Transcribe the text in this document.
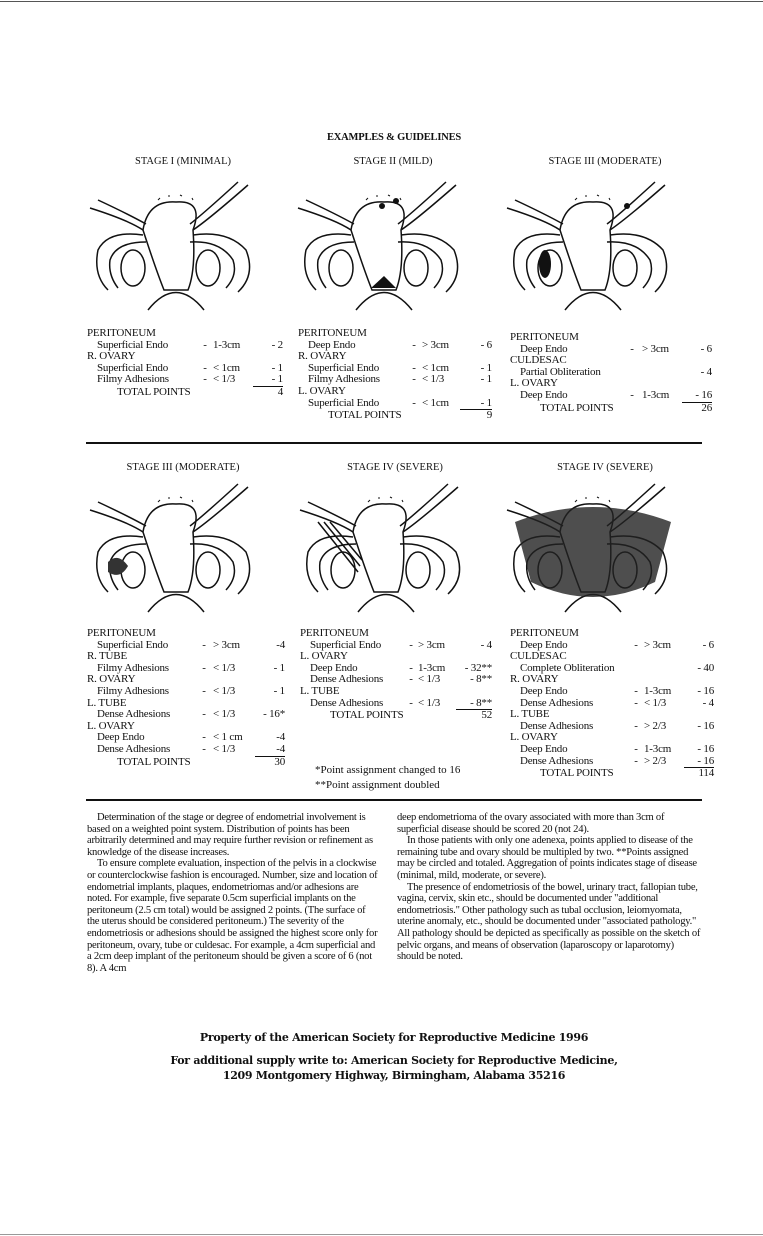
EXAMPLES & GUIDELINES
STAGE I (MINIMAL)	STAGE II (MILD)	STAGE III (MODERATE)
STAGE III (MODERATE)	STAGE IV (SEVERE)	STAGE IV (SEVERE)
PERITONEUM
Superficial Endo	- 1-3cm	- 2
R. OVARY
Superficial Endo	- < 1cm	- 1
Filmy Adhesions	- < 1/3	- 1
TOTAL POINTS	4
PERITONEUM
Deep Endo	- > 3cm	- 6
R. OVARY
Superficial Endo	- < 1cm	- 1
Filmy Adhesions	- < 1/3	- 1
L. OVARY
Superficial Endo	- < 1cm	- 1
TOTAL POINTS	9
PERITONEUM
Deep Endo	- > 3cm	- 6
CULDESAC
Partial Obliteration	- 4
L. OVARY
Deep Endo	- 1-3cm	- 16
TOTAL POINTS	26
PERITONEUM
Superficial Endo	- > 3cm	-4
R. TUBE
Filmy Adhesions	- < 1/3	- 1
R. OVARY
Filmy Adhesions	- < 1/3	- 1
L. TUBE
Dense Adhesions	- < 1/3	- 16*
L. OVARY
Deep Endo	- < 1 cm	-4
Dense Adhesions	- < 1/3	-4
TOTAL POINTS	30
PERITONEUM
Superficial Endo	- > 3cm	- 4
L. OVARY
Deep Endo	- 1-3cm	- 32**
Dense Adhesions	- < 1/3	- 8**
L. TUBE
Dense Adhesions	- < 1/3	- 8**
TOTAL POINTS	52
PERITONEUM
Deep Endo	- > 3cm	- 6
CULDESAC
Complete Obliteration	- 40
R. OVARY
Deep Endo	- 1-3cm	- 16
Dense Adhesions	- < 1/3	- 4
L. TUBE
Dense Adhesions	- > 2/3	- 16
L. OVARY
Deep Endo	- 1-3cm	- 16
Dense Adhesions	- > 2/3	- 16
TOTAL POINTS	114
*Point assignment changed to 16
**Point assignment doubled

Determination of the stage or degree of endometrial involvement is based on a weighted point system. Distribution of points has been arbitrarily determined and may require further revision or refinement as knowledge of the disease increases.

To ensure complete evaluation, inspection of the pelvis in a clockwise or counterclockwise fashion is encouraged. Number, size and location of endometrial implants, plaques, endometriomas and/or adhesions are noted. For example, five separate 0.5cm superficial implants on the peritoneum (2.5 cm total) would be assigned 2 points. (The surface of the uterus should be considered peritoneum.) The severity of the endometriosis or adhesions should be assigned the highest score only for peritoneum, ovary, tube or culdesac. For example, a 4cm superficial and a 2cm deep implant of the peritoneum should be given a score of 6 (not 8). A 4cm

deep endometrioma of the ovary associated with more than 3cm of superficial disease should be scored 20 (not 24).

In those patients with only one adenexa, points applied to disease of the remaining tube and ovary should be multipled by two. **Points assigned may be circled and totaled. Aggregation of points indicates stage of disease (minimal, mild, moderate, or severe).

The presence of endometriosis of the bowel, urinary tract, fallopian tube, vagina, cervix, skin etc., should be documented under "additional endometriosis." Other pathology such as tubal occlusion, leiomyomata, uterine anomaly, etc., should be documented under "associated pathology." All pathology should be depicted as specifically as possible on the sketch of pelvic organs, and means of observation (laparoscopy or laparotomy) should be noted.

Property of the American Society for Reproductive Medicine 1996
For additional supply write to: American Society for Reproductive Medicine,
1209 Montgomery Highway, Birmingham, Alabama 35216
